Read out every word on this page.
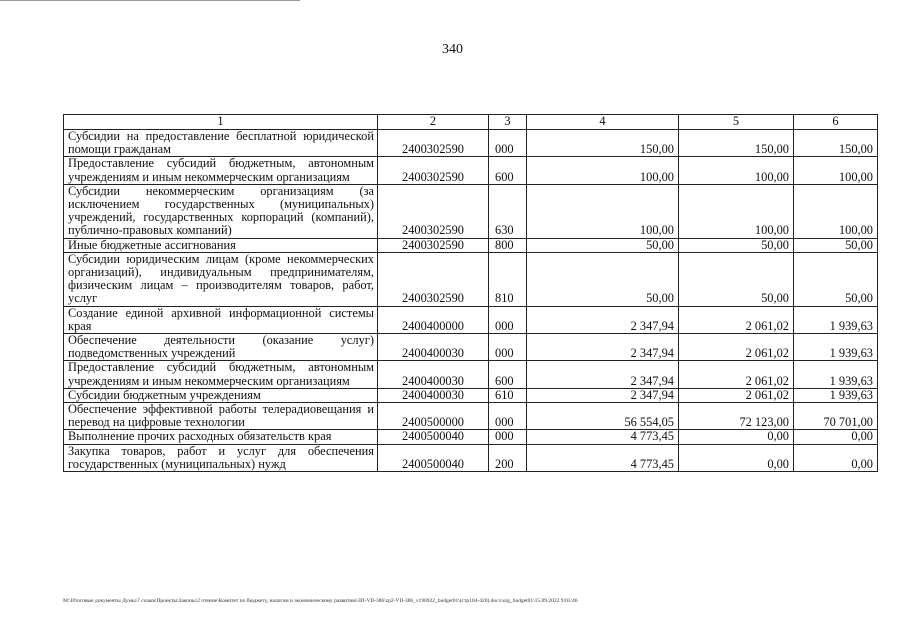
340
1	2	3	4	5	6
Субсидии на предоставление бесплатной юридической помощи гражданам	2400302590	000	150,00	150,00	150,00
Предоставление субсидий бюджетным, автономным учреждениям и иным некоммерческим организациям	2400302590	600	100,00	100,00	100,00
Субсидии некоммерческим организациям (за исключением государственных (муниципальных) учреждений, государственных корпораций (компаний), публично-правовых компаний)	2400302590	630	100,00	100,00	100,00
Иные бюджетные ассигнования	2400302590	800	50,00	50,00	50,00
Субсидии юридическим лицам (кроме некоммерческих организаций), индивидуальным предпринимателям, физическим лицам – производителям товаров, работ, услуг	2400302590	810	50,00	50,00	50,00
Создание единой архивной информационной системы края	2400400000	000	2 347,94	2 061,02	1 939,63
Обеспечение деятельности (оказание услуг) подведомственных учреждений	2400400030	000	2 347,94	2 061,02	1 939,63
Предоставление субсидий бюджетным, автономным учреждениям и иным некоммерческим организациям	2400400030	600	2 347,94	2 061,02	1 939,63
Субсидии бюджетным учреждениям	2400400030	610	2 347,94	2 061,02	1 939,63
Обеспечение эффективной работы телерадиовещания и перевод на цифровые технологии	2400500000	000	56 554,05	72 123,00	70 701,00
Выполнение прочих расходных обязательств края	2400500040	000	4 773,45	0,00	0,00
Закупка товаров, работ и услуг для обеспечения государственных (муниципальных) нужд	2400500040	200	4 773,45	0,00	0,00
M:\Итоговые документы Думы\7 созыв\Проекты\Законы\2 чтение\Комитет по бюджету, налогам и экономическому развитию\ЗП-VII-386\zp2-VII-386_v190922_budget01\(стр104-420).docx\org_budget01\15.09.2022 9:03:46
